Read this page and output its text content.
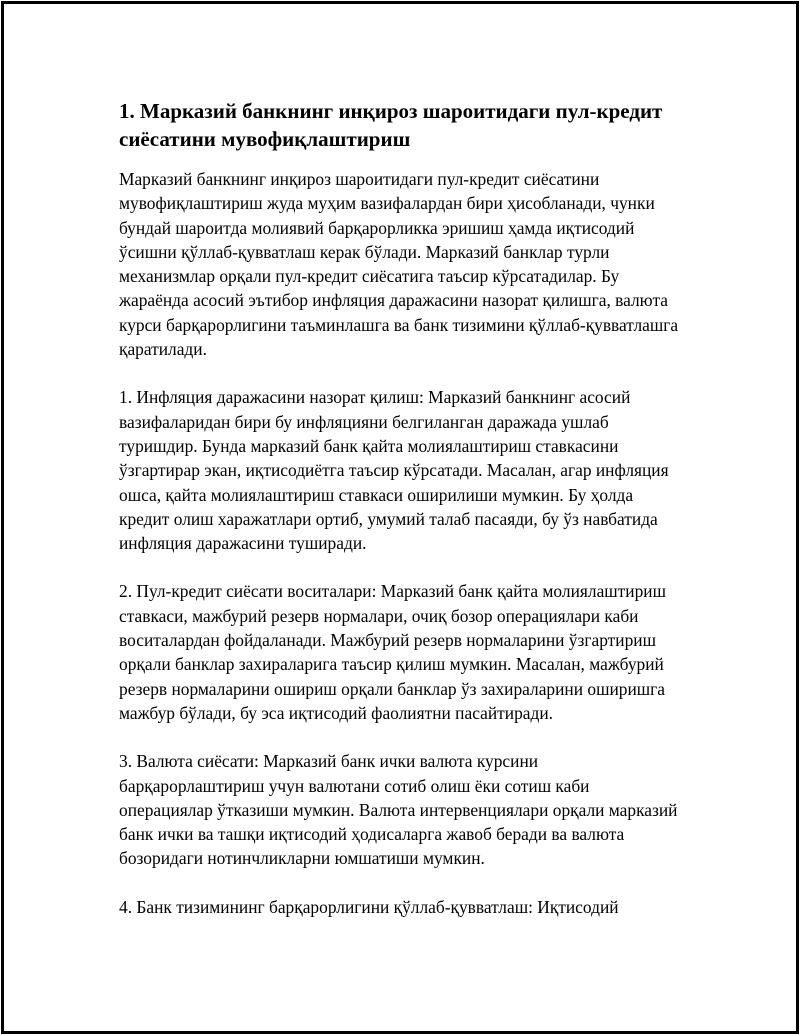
1. Марказий банкнинг инқироз шароитидаги пул-кредит сиёсатини мувофиқлаштириш

Марказий банкнинг инқироз шароитидаги пул-кредит сиёсатини мувофиқлаштириш жуда муҳим вазифалардан бири ҳисобланади, чунки бундай шароитда молиявий барқарорликка эришиш ҳамда иқтисодий ўсишни қўллаб-қувватлаш керак бўлади. Марказий банклар турли механизмлар орқали пул-кредит сиёсатига таъсир кўрсатадилар. Бу жараёнда асосий эътибор инфляция даражасини назорат қилишга, валюта курси барқарорлигини таъминлашга ва банк тизимини қўллаб-қувватлашга қаратилади.

1. Инфляция даражасини назорат қилиш: Марказий банкнинг асосий вазифаларидан бири бу инфляцияни белгиланган даражада ушлаб туришдир. Бунда марказий банк қайта молиялаштириш ставкасини ўзгартирар экан, иқтисодиётга таъсир кўрсатади. Масалан, агар инфляция ошса, қайта молиялаштириш ставкаси оширилиши мумкин. Бу ҳолда кредит олиш харажатлари ортиб, умумий талаб пасаяди, бу ўз навбатида инфляция даражасини туширади.

2. Пул-кредит сиёсати воситалари: Марказий банк қайта молиялаштириш ставкаси, мажбурий резерв нормалари, очиқ бозор операциялари каби воситалардан фойдаланади. Мажбурий резерв нормаларини ўзгартириш орқали банклар захираларига таъсир қилиш мумкин. Масалан, мажбурий резерв нормаларини ошириш орқали банклар ўз захираларини оширишга мажбур бўлади, бу эса иқтисодий фаолиятни пасайтиради.

3. Валюта сиёсати: Марказий банк ички валюта курсини барқарорлаштириш учун валютани сотиб олиш ёки сотиш каби операциялар ўтказиши мумкин. Валюта интервенциялари орқали марказий банк ички ва ташқи иқтисодий ҳодисаларга жавоб беради ва валюта бозоридаги нотинчликларни юмшатиши мумкин.

4. Банк тизимининг барқарорлигини қўллаб-қувватлаш: Иқтисодий
